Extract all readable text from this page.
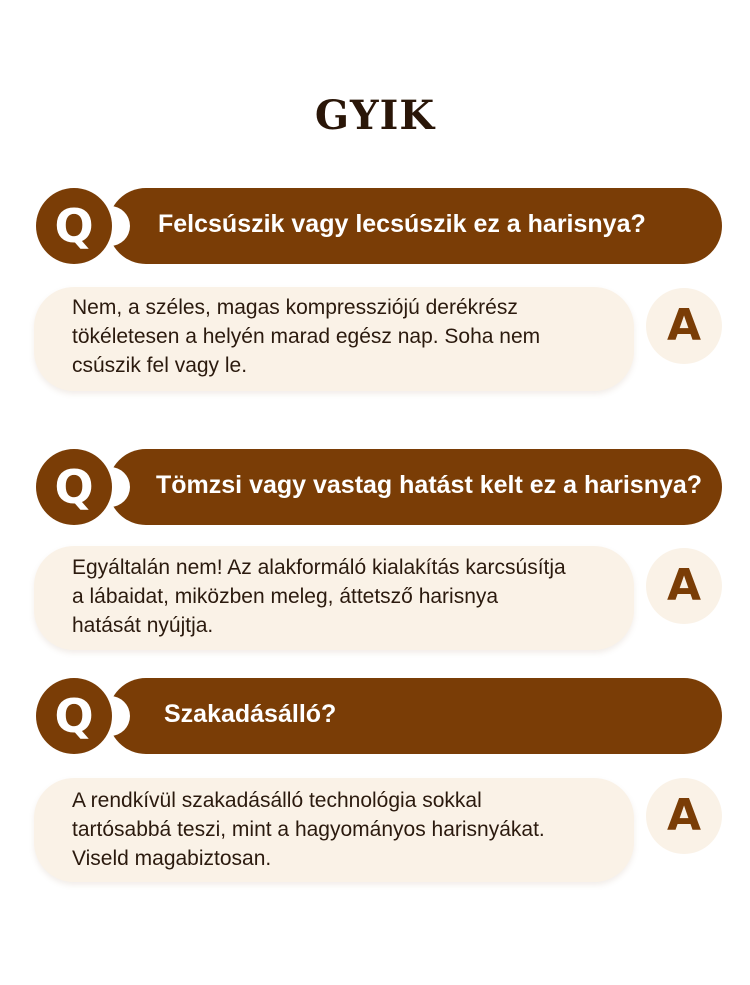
GYIK
Q	Felcsúszik vagy lecsúszik ez a harisnya?
Nem, a széles, magas kompressziójú derékrész
tökéletesen a helyén marad egész nap. Soha nem
csúszik fel vagy le.
A
Q	Tömzsi vagy vastag hatást kelt ez a harisnya?
Egyáltalán nem! Az alakformáló kialakítás karcsúsítja
a lábaidat, miközben meleg, áttetsző harisnya
hatását nyújtja.
A
Q	Szakadásálló?
A rendkívül szakadásálló technológia sokkal
tartósabbá teszi, mint a hagyományos harisnyákat.
Viseld magabiztosan.
A
